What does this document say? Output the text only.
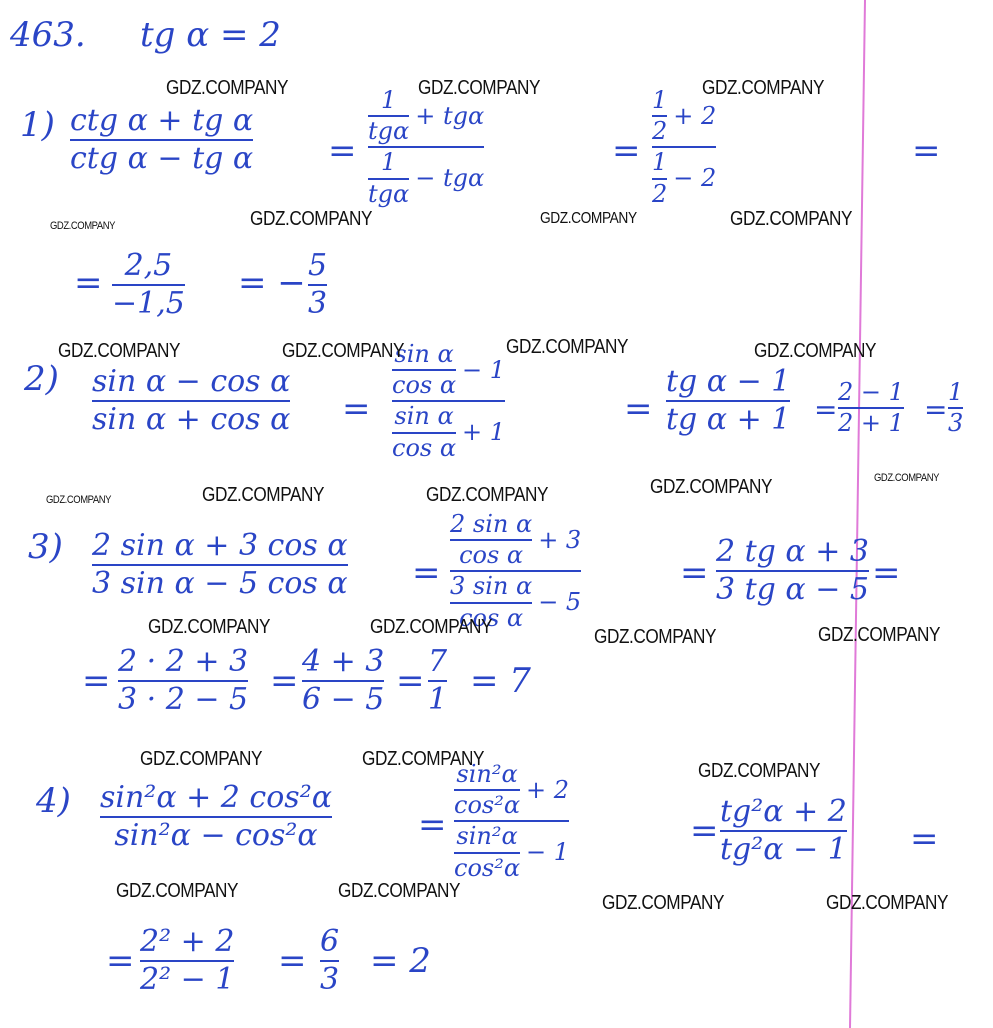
463. tg α = 2
1) ctg α + tg α
ctg α − tg α =
1
tgα
+ tgα
1
tgα
− tgα
=
1
2
+ 2
1
2
− 2
=
= 2,5
−1,5 = − 5
3
2) sin α − cos α
sin α + cos α =
sin α
cos α
− 1
sin α
cos α
+ 1
=
tg α − 1
tg α + 1 =
2 − 1
2 + 1 =
1
3
3) 2 sin α + 3 cos α
3 sin α − 5 cos α =
2 sin α
cos α
+ 3
3 sin α
cos α
− 5
=
2 tg α + 3
3 tg α − 5 =
= 2 · 2 + 3
3 · 2 − 5 = 4 + 3
6 − 5 = 7
1 = 7
4) sin²α + 2 cos²α
sin²α − cos²α	=
sin²α
cos²α
+ 2
sin²α
cos²α
− 1
= tg²α + 2
tg²α − 1 =
= 2² + 2
2² − 1 = 6
3 = 2
GDZ.COMPANY	GDZ.COMPANY	GDZ.COMPANY
GDZ.COMPANY	GDZ.COMPANY	GDZ.COMPANY	GDZ.COMPANY
GDZ.COMPANY	GDZ.COMPANY	GDZ.COMPANY	GDZ.COMPANY
GDZ.COMPANY
GDZ.COMPANY
GDZ.COMPANY	GDZ.COMPANY	GDZ.COMPANY
GDZ.COMPANY	GDZ.COMPANY	GDZ.COMPANY	GDZ.COMPANY
GDZ.COMPANY	GDZ.COMPANY
GDZ.COMPANY
GDZ.COMPANY	GDZ.COMPANY
GDZ.COMPANY	GDZ.COMPANY
